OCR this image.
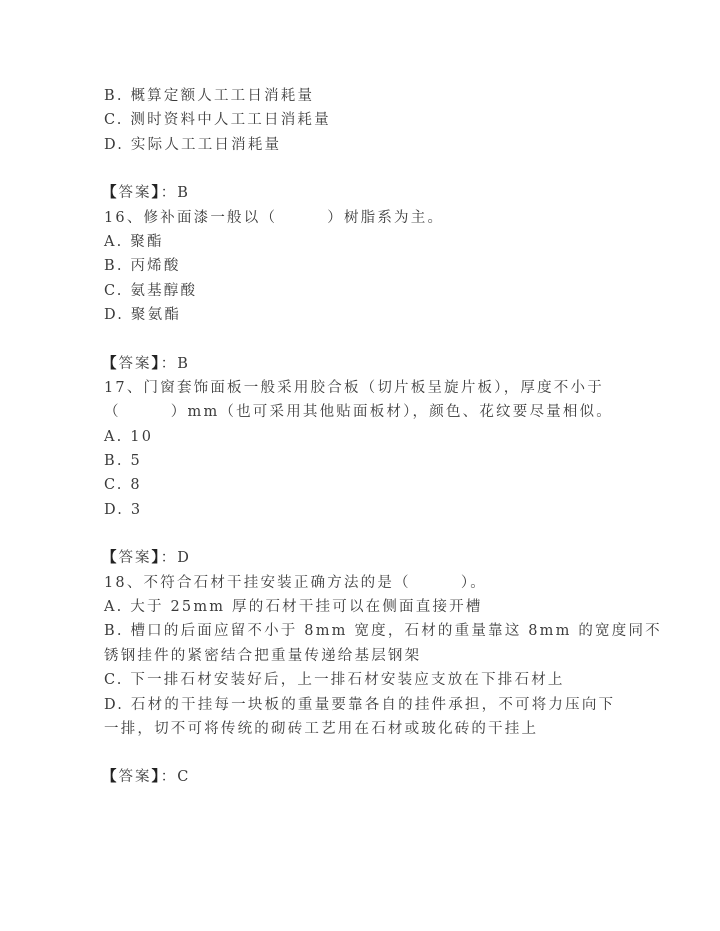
B. 概算定额人工工日消耗量
C. 测时资料中人工工日消耗量
D. 实际人工工日消耗量
【答案】：B
16、修补面漆一般以（　　　）树脂系为主。
A. 聚酯
B. 丙烯酸
C. 氨基醇酸
D. 聚氨酯
【答案】：B
17、门窗套饰面板一般采用胶合板（切片板呈旋片板），厚度不小于
（　　　）mm（也可采用其他贴面板材），颜色、花纹要尽量相似。
A. 10
B. 5
C. 8
D. 3
【答案】：D
18、不符合石材干挂安装正确方法的是（　　　）。
A. 大于 25mm 厚的石材干挂可以在侧面直接开槽
B. 槽口的后面应留不小于 8mm 宽度，石材的重量靠这 8mm 的宽度同不
锈钢挂件的紧密结合把重量传递给基层钢架
C. 下一排石材安装好后，上一排石材安装应支放在下排石材上
D. 石材的干挂每一块板的重量要靠各自的挂件承担，不可将力压向下
一排，切不可将传统的砌砖工艺用在石材或玻化砖的干挂上
【答案】：C
